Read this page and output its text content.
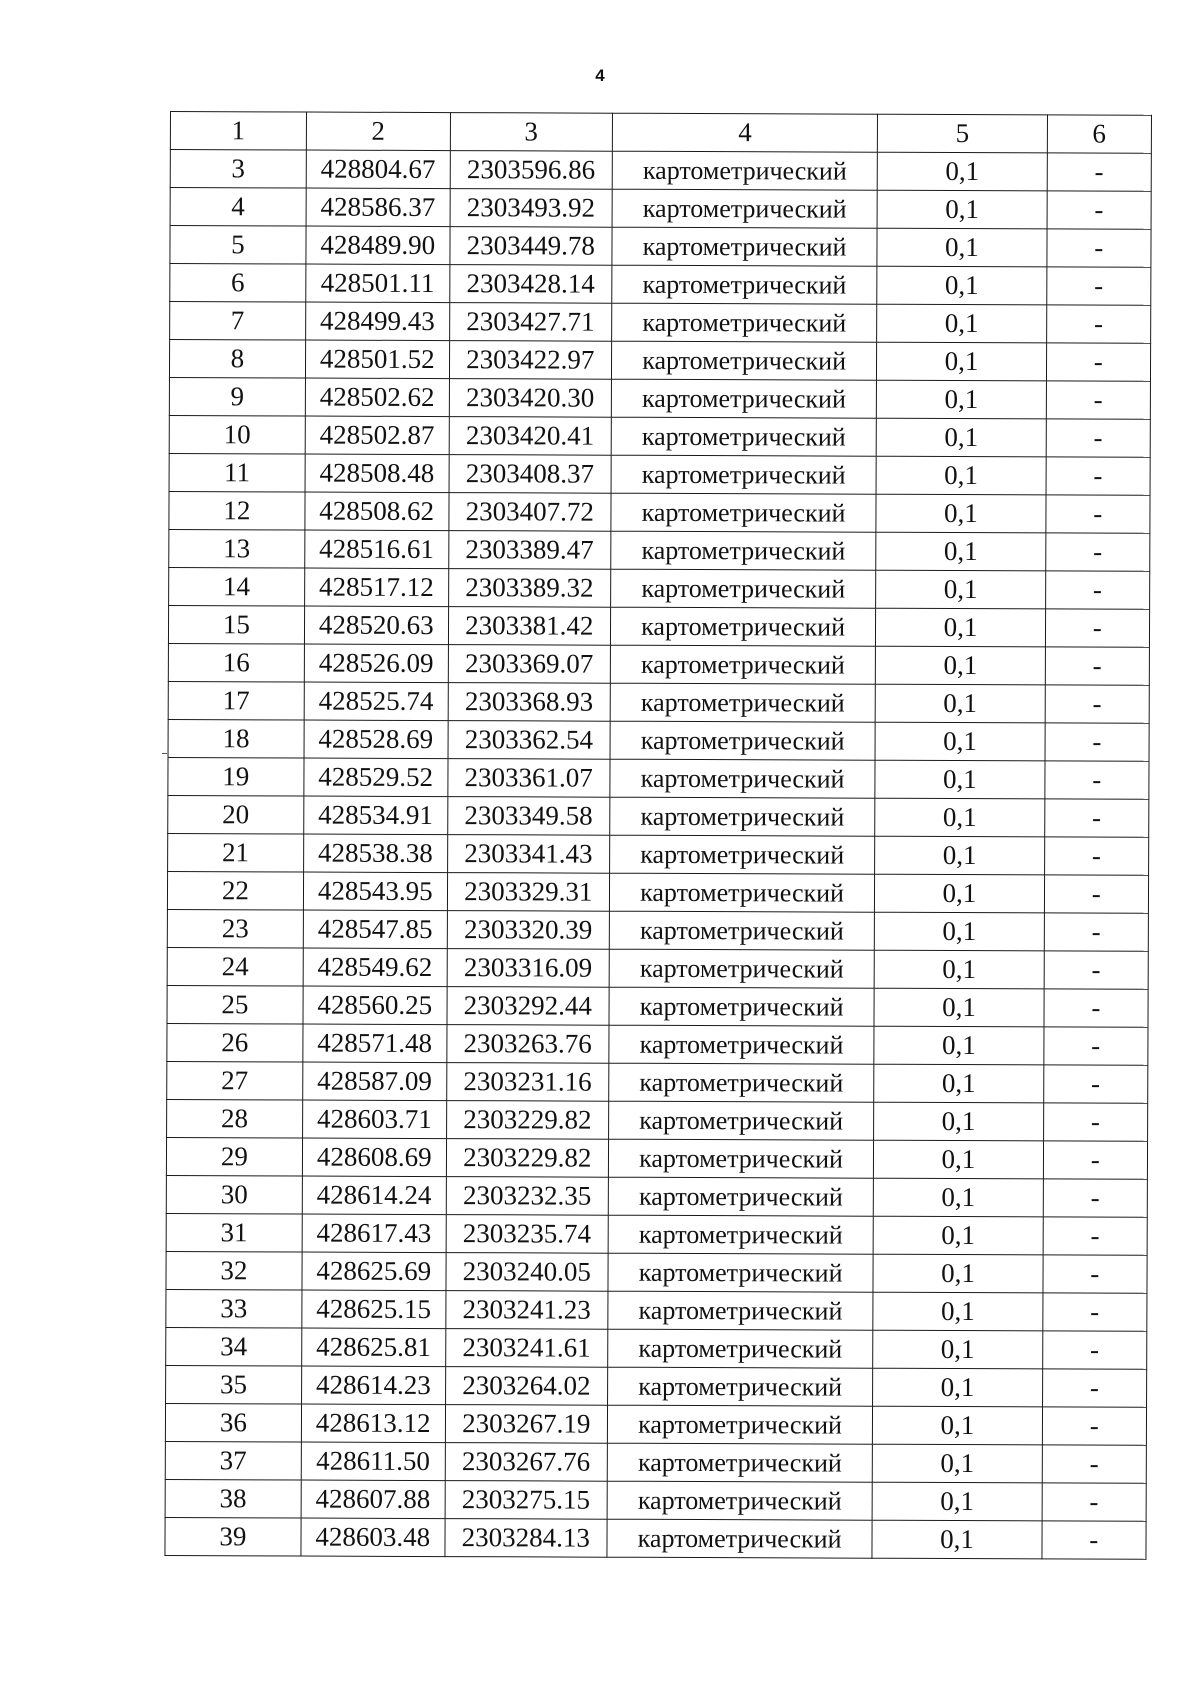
4
1	2	3	4	5	6
3	428804.67	2303596.86	картометрический	0,1	-
4	428586.37	2303493.92	картометрический	0,1	-
5	428489.90	2303449.78	картометрический	0,1	-
6	428501.11	2303428.14	картометрический	0,1	-
7	428499.43	2303427.71	картометрический	0,1	-
8	428501.52	2303422.97	картометрический	0,1	-
9	428502.62	2303420.30	картометрический	0,1	-
10	428502.87	2303420.41	картометрический	0,1	-
11	428508.48	2303408.37	картометрический	0,1	-
12	428508.62	2303407.72	картометрический	0,1	-
13	428516.61	2303389.47	картометрический	0,1	-
14	428517.12	2303389.32	картометрический	0,1	-
15	428520.63	2303381.42	картометрический	0,1	-
16	428526.09	2303369.07	картометрический	0,1	-
17	428525.74	2303368.93	картометрический	0,1	-
18	428528.69	2303362.54	картометрический	0,1	-
19	428529.52	2303361.07	картометрический	0,1	-
20	428534.91	2303349.58	картометрический	0,1	-
21	428538.38	2303341.43	картометрический	0,1	-
22	428543.95	2303329.31	картометрический	0,1	-
23	428547.85	2303320.39	картометрический	0,1	-
24	428549.62	2303316.09	картометрический	0,1	-
25	428560.25	2303292.44	картометрический	0,1	-
26	428571.48	2303263.76	картометрический	0,1	-
27	428587.09	2303231.16	картометрический	0,1	-
28	428603.71	2303229.82	картометрический	0,1	-
29	428608.69	2303229.82	картометрический	0,1	-
30	428614.24	2303232.35	картометрический	0,1	-
31	428617.43	2303235.74	картометрический	0,1	-
32	428625.69	2303240.05	картометрический	0,1	-
33	428625.15	2303241.23	картометрический	0,1	-
34	428625.81	2303241.61	картометрический	0,1	-
35	428614.23	2303264.02	картометрический	0,1	-
36	428613.12	2303267.19	картометрический	0,1	-
37	428611.50	2303267.76	картометрический	0,1	-
38	428607.88	2303275.15	картометрический	0,1	-
39	428603.48	2303284.13	картометрический	0,1	-
